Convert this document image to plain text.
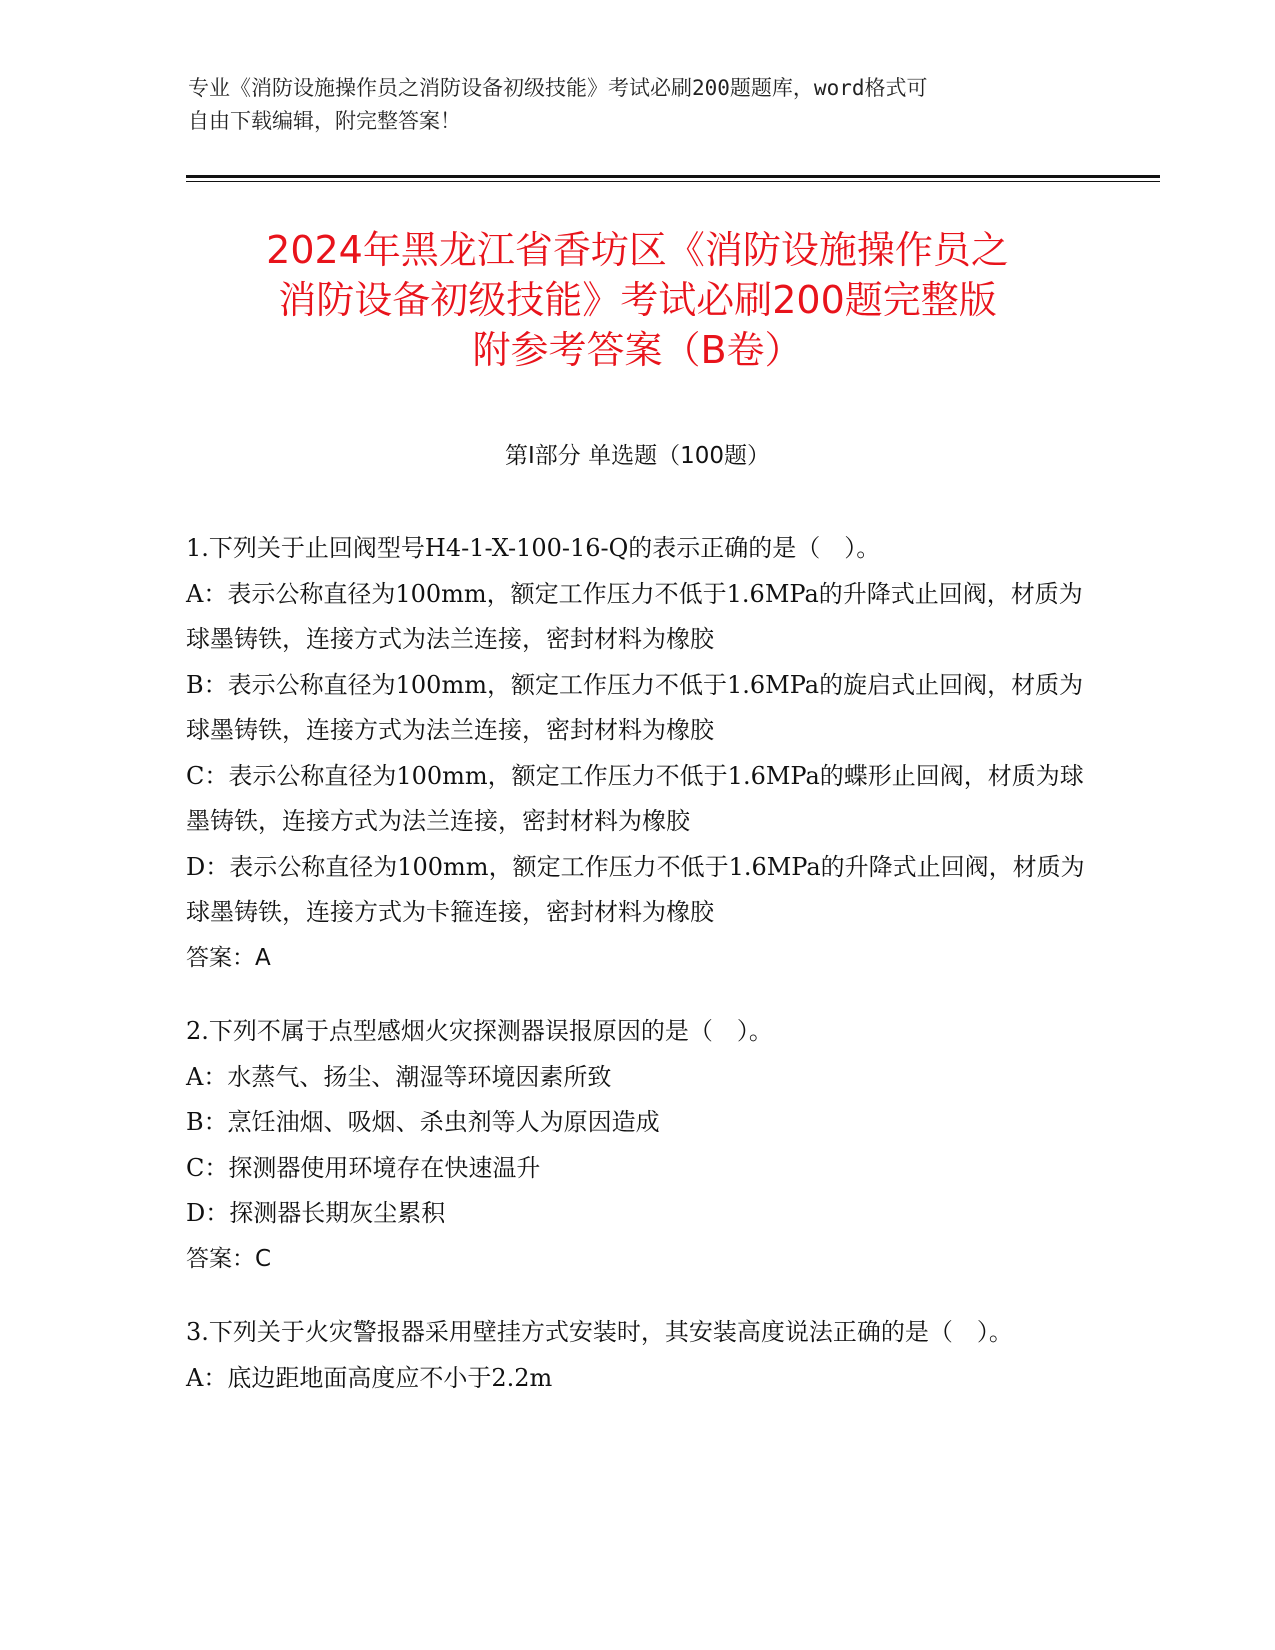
专业《消防设施操作员之消防设备初级技能》考试必刷200题题库，word格式可
自由下载编辑，附完整答案！
2024年黑龙江省香坊区《消防设施操作员之
消防设备初级技能》考试必刷200题完整版
附参考答案（B卷）
第Ⅰ部分 单选题（100题）

1.下列关于止回阀型号H4-1-X-100-16-Q的表示正确的是（　）。

A：表示公称直径为100mm，额定工作压力不低于1.6MPa的升降式止回阀，材质为球墨铸铁，连接方式为法兰连接，密封材料为橡胶

B：表示公称直径为100mm，额定工作压力不低于1.6MPa的旋启式止回阀，材质为球墨铸铁，连接方式为法兰连接，密封材料为橡胶

C：表示公称直径为100mm，额定工作压力不低于1.6MPa的蝶形止回阀，材质为球墨铸铁，连接方式为法兰连接，密封材料为橡胶

D：表示公称直径为100mm，额定工作压力不低于1.6MPa的升降式止回阀，材质为球墨铸铁，连接方式为卡箍连接，密封材料为橡胶

答案：A

2.下列不属于点型感烟火灾探测器误报原因的是（　）。

A：水蒸气、扬尘、潮湿等环境因素所致

B：烹饪油烟、吸烟、杀虫剂等人为原因造成

C：探测器使用环境存在快速温升

D：探测器长期灰尘累积

答案：C

3.下列关于火灾警报器采用壁挂方式安装时，其安装高度说法正确的是（　）。

A：底边距地面高度应不小于2.2m
